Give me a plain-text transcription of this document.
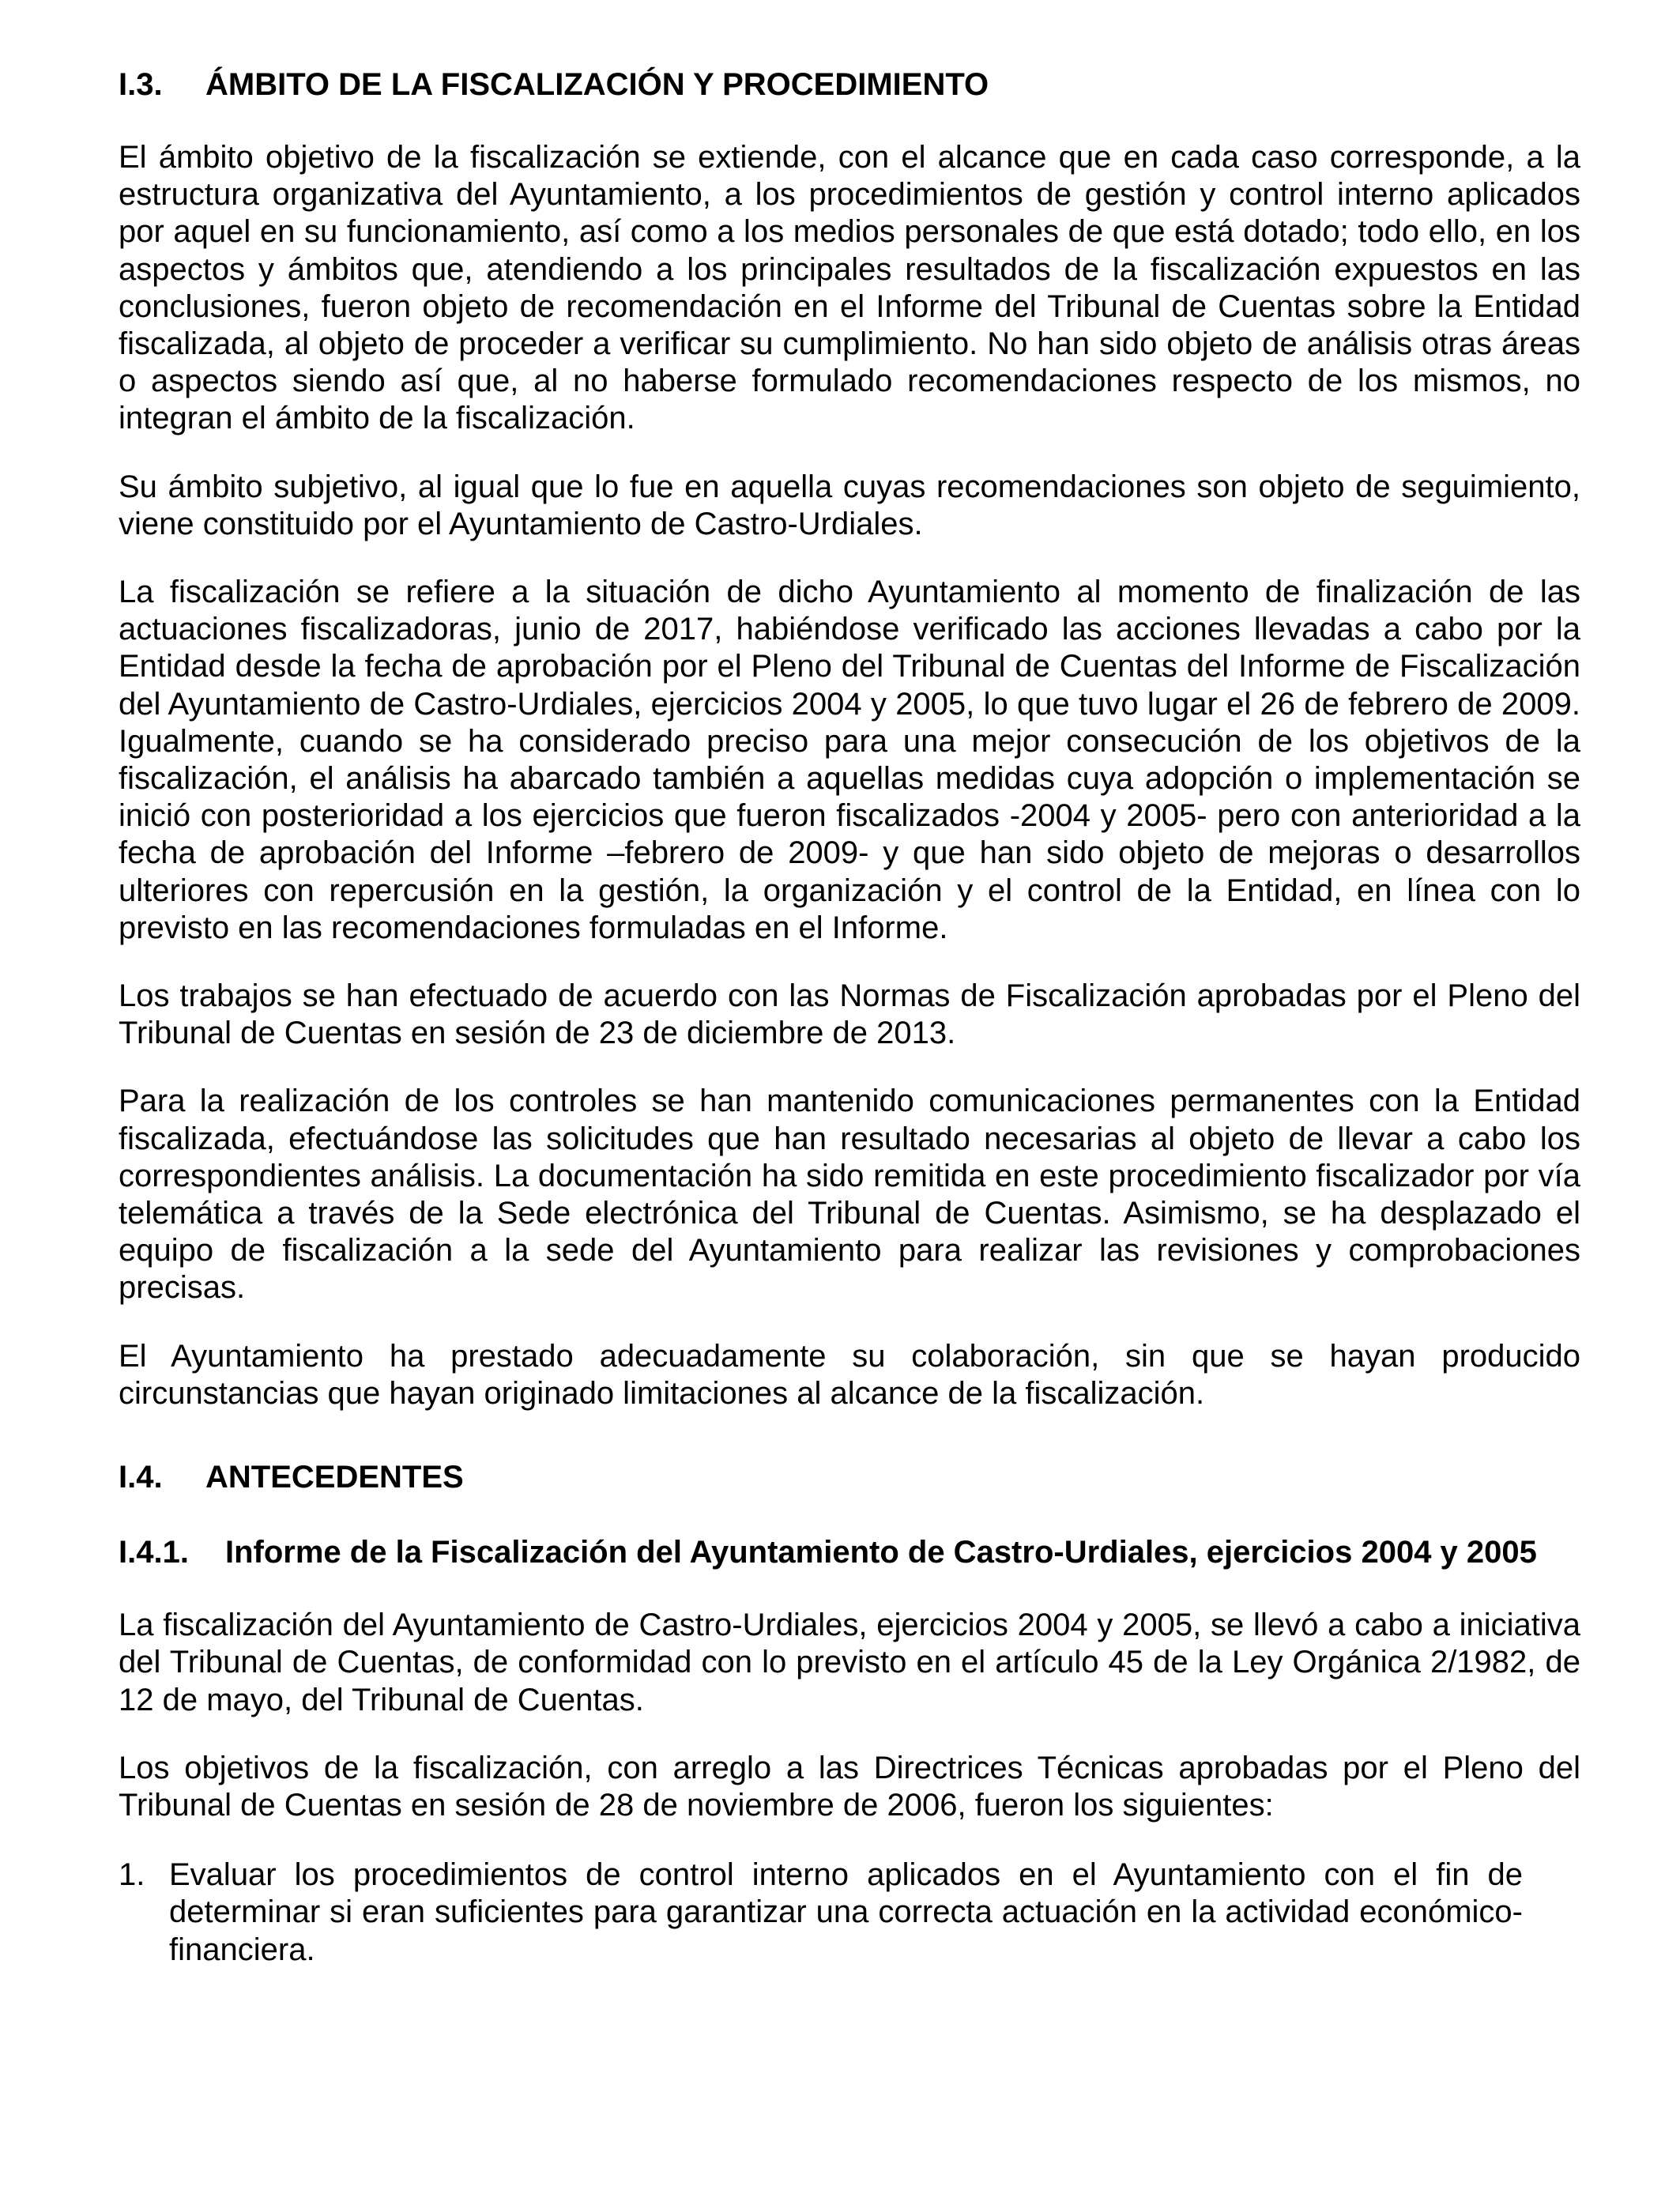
I.3.	ÁMBITO DE LA FISCALIZACIÓN Y PROCEDIMIENTO

El ámbito objetivo de la fiscalización se extiende, con el alcance que en cada caso corresponde, a la estructura organizativa del Ayuntamiento, a los procedimientos de gestión y control interno aplicados por aquel en su funcionamiento, así como a los medios personales de que está dotado; todo ello, en los aspectos y ámbitos que, atendiendo a los principales resultados de la fiscalización expuestos en las conclusiones, fueron objeto de recomendación en el Informe del Tribunal de Cuentas sobre la Entidad fiscalizada, al objeto de proceder a verificar su cumplimiento. No han sido objeto de análisis otras áreas o aspectos siendo así que, al no haberse formulado recomendaciones respecto de los mismos, no integran el ámbito de la fiscalización.

Su ámbito subjetivo, al igual que lo fue en aquella cuyas recomendaciones son objeto de seguimiento, viene constituido por el Ayuntamiento de Castro-Urdiales.

La fiscalización se refiere a la situación de dicho Ayuntamiento al momento de finalización de las actuaciones fiscalizadoras, junio de 2017, habiéndose verificado las acciones llevadas a cabo por la Entidad desde la fecha de aprobación por el Pleno del Tribunal de Cuentas del Informe de Fiscalización del Ayuntamiento de Castro-Urdiales, ejercicios 2004 y 2005, lo que tuvo lugar el 26 de febrero de 2009. Igualmente, cuando se ha considerado preciso para una mejor consecución de los objetivos de la fiscalización, el análisis ha abarcado también a aquellas medidas cuya adopción o implementación se inició con posterioridad a los ejercicios que fueron fiscalizados -2004 y 2005- pero con anterioridad a la fecha de aprobación del Informe –febrero de 2009- y que han sido objeto de mejoras o desarrollos ulteriores con repercusión en la gestión, la organización y el control de la Entidad, en línea con lo previsto en las recomendaciones formuladas en el Informe.

Los trabajos se han efectuado de acuerdo con las Normas de Fiscalización aprobadas por el Pleno del Tribunal de Cuentas en sesión de 23 de diciembre de 2013.

Para la realización de los controles se han mantenido comunicaciones permanentes con la Entidad fiscalizada, efectuándose las solicitudes que han resultado necesarias al objeto de llevar a cabo los correspondientes análisis. La documentación ha sido remitida en este procedimiento fiscalizador por vía telemática a través de la Sede electrónica del Tribunal de Cuentas. Asimismo, se ha desplazado el equipo de fiscalización a la sede del Ayuntamiento para realizar las revisiones y comprobaciones precisas.

El Ayuntamiento ha prestado adecuadamente su colaboración, sin que se hayan producido circunstancias que hayan originado limitaciones al alcance de la fiscalización.

I.4.	ANTECEDENTES
I.4.1.	Informe de la Fiscalización del Ayuntamiento de Castro-Urdiales, ejercicios 2004 y 2005

La fiscalización del Ayuntamiento de Castro-Urdiales, ejercicios 2004 y 2005, se llevó a cabo a iniciativa del Tribunal de Cuentas, de conformidad con lo previsto en el artículo 45 de la Ley Orgánica 2/1982, de 12 de mayo, del Tribunal de Cuentas.

Los objetivos de la fiscalización, con arreglo a las Directrices Técnicas aprobadas por el Pleno del Tribunal de Cuentas en sesión de 28 de noviembre de 2006, fueron los siguientes:

1. Evaluar los procedimientos de control interno aplicados en el Ayuntamiento con el fin de determinar si eran suficientes para garantizar una correcta actuación en la actividad económico-financiera.
